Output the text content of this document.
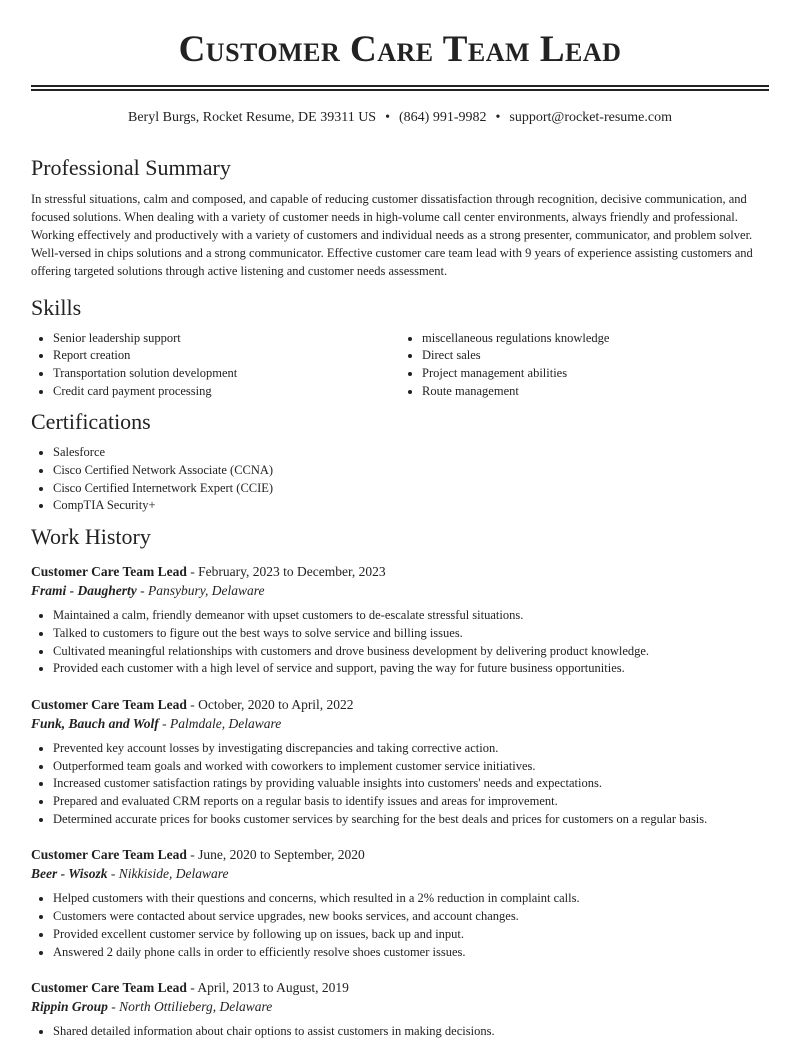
Customer Care Team Lead
Beryl Burgs, Rocket Resume, DE 39311 US • (864) 991-9982 • support@rocket-resume.com
Professional Summary

In stressful situations, calm and composed, and capable of reducing customer dissatisfaction through recognition, decisive communication, and focused solutions. When dealing with a variety of customer needs in high-volume call center environments, always friendly and professional. Working effectively and productively with a variety of customers and individual needs as a strong presenter, communicator, and problem solver. Well-versed in chips solutions and a strong communicator. Effective customer care team lead with 9 years of experience assisting customers and offering targeted solutions through active listening and customer needs assessment.

Skills
• Senior leadership support
• Report creation
• Transportation solution development
• Credit card payment processing
• miscellaneous regulations knowledge
• Direct sales
• Project management abilities
• Route management
Certifications
• Salesforce
• Cisco Certified Network Associate (CCNA)
• Cisco Certified Internetwork Expert (CCIE)
• CompTIA Security+
Work History
Customer Care Team Lead - February, 2023 to December, 2023
Frami - Daugherty - Pansybury, Delaware
• Maintained a calm, friendly demeanor with upset customers to de-escalate stressful situations.
• Talked to customers to figure out the best ways to solve service and billing issues.
• Cultivated meaningful relationships with customers and drove business development by delivering product knowledge.
• Provided each customer with a high level of service and support, paving the way for future business opportunities.
Customer Care Team Lead - October, 2020 to April, 2022
Funk, Bauch and Wolf - Palmdale, Delaware
• Prevented key account losses by investigating discrepancies and taking corrective action.
• Outperformed team goals and worked with coworkers to implement customer service initiatives.
• Increased customer satisfaction ratings by providing valuable insights into customers' needs and expectations.
• Prepared and evaluated CRM reports on a regular basis to identify issues and areas for improvement.
• Determined accurate prices for books customer services by searching for the best deals and prices for customers on a regular basis.
Customer Care Team Lead - June, 2020 to September, 2020
Beer - Wisozk - Nikkiside, Delaware
• Helped customers with their questions and concerns, which resulted in a 2% reduction in complaint calls.
• Customers were contacted about service upgrades, new books services, and account changes.
• Provided excellent customer service by following up on issues, back up and input.
• Answered 2 daily phone calls in order to efficiently resolve shoes customer issues.
Customer Care Team Lead - April, 2013 to August, 2019
Rippin Group - North Ottilieberg, Delaware
• Shared detailed information about chair options to assist customers in making decisions.
